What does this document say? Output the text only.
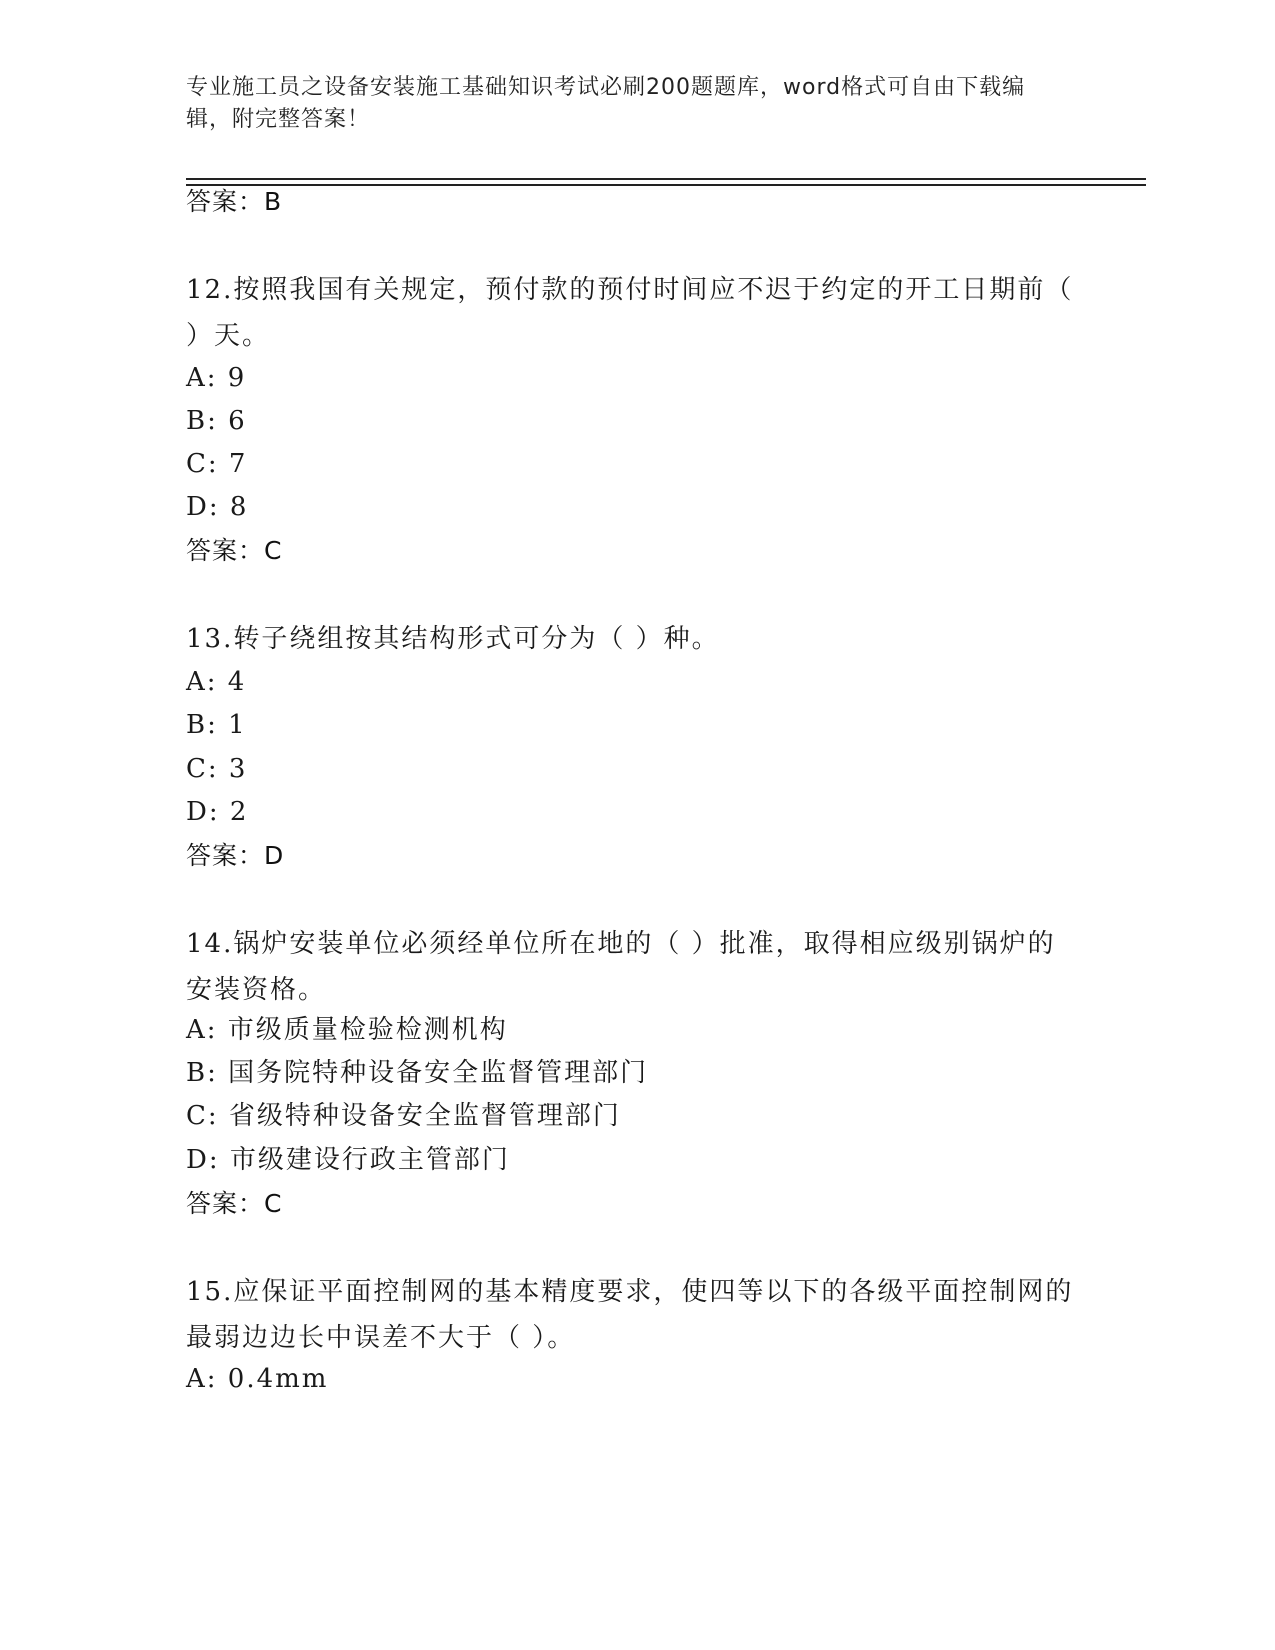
专业施工员之设备安装施工基础知识考试必刷200题题库，word格式可自由下载编辑，附完整答案！
答案：B
12.按照我国有关规定，预付款的预付时间应不迟于约定的开工日期前（ ）天。
A: 9
B: 6
C: 7
D: 8
答案：C
13.转子绕组按其结构形式可分为（ ）种。
A: 4
B: 1
C: 3
D: 2
答案：D
14.锅炉安装单位必须经单位所在地的（ ）批准，取得相应级别锅炉的安装资格。
A: 市级质量检验检测机构
B: 国务院特种设备安全监督管理部门
C: 省级特种设备安全监督管理部门
D: 市级建设行政主管部门
答案：C
15.应保证平面控制网的基本精度要求，使四等以下的各级平面控制网的最弱边边长中误差不大于（ ）。
A: 0.4mm
